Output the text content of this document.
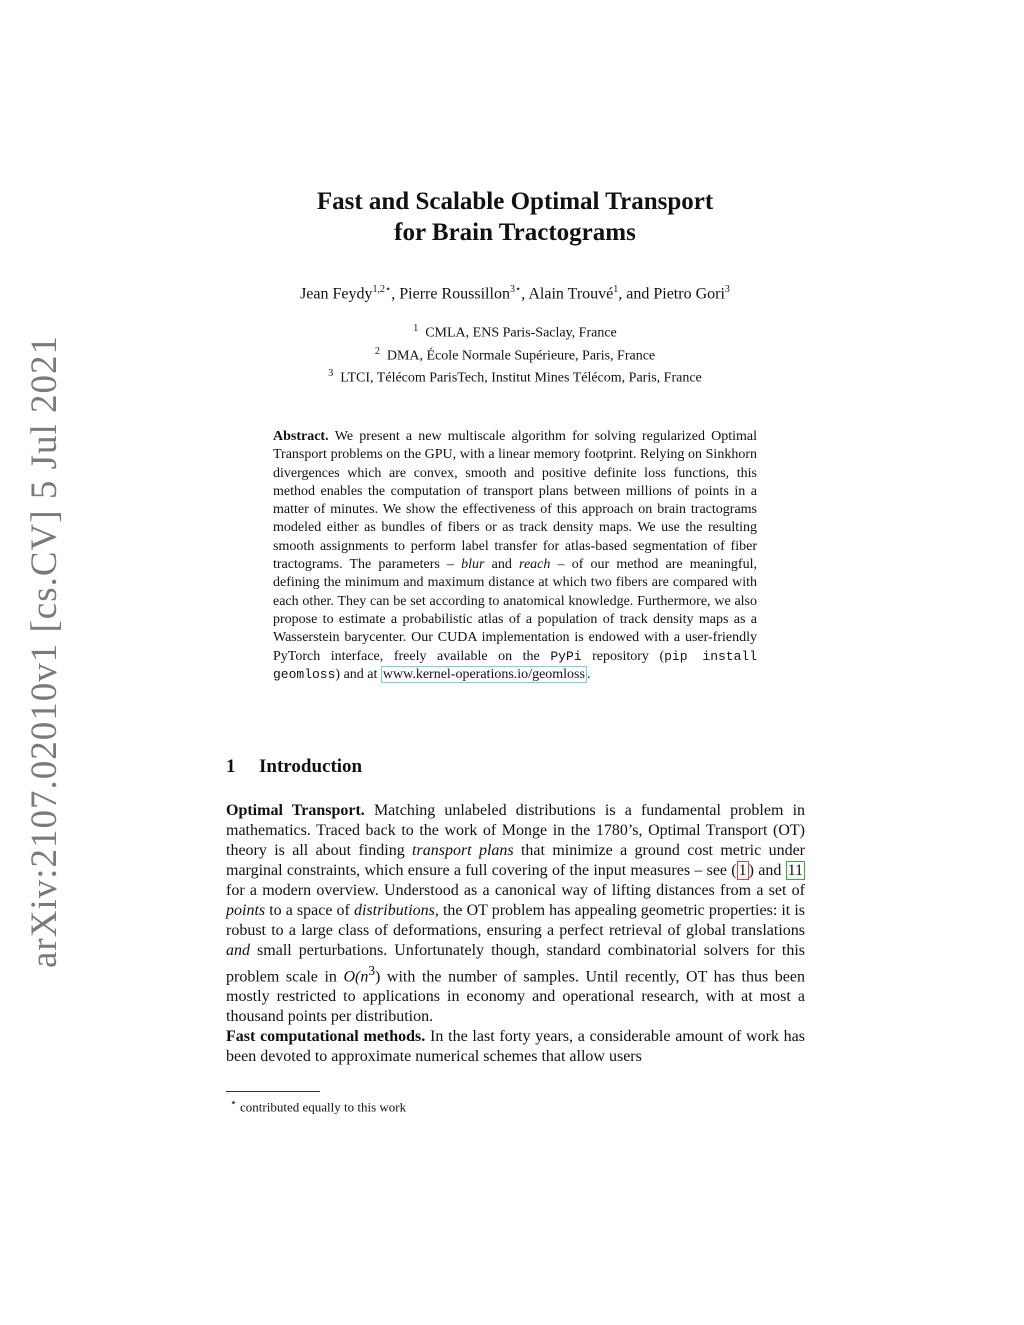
arXiv:2107.02010v1 [cs.CV] 5 Jul 2021
Fast and Scalable Optimal Transport
for Brain Tractograms
Jean Feydy$^{1,2⋆}$, Pierre Roussillon$^{3⋆}$, Alain Trouvé$^1$, and Pietro Gori$^3$
$^1$ CMLA, ENS Paris-Saclay, France
$^2$ DMA, École Normale Supérieure, Paris, France
$^3$ LTCI, Télécom ParisTech, Institut Mines Télécom, Paris, France
Abstract. We present a new multiscale algorithm for solving regularized Optimal Transport problems on the GPU, with a linear memory footprint. Relying on Sinkhorn divergences which are convex, smooth and positive definite loss functions, this method enables the computation of transport plans between millions of points in a matter of minutes. We show the effectiveness of this approach on brain tractograms modeled either as bundles of fibers or as track density maps. We use the resulting smooth assignments to perform label transfer for atlas-based segmentation of fiber tractograms. The parameters – blur and reach – of our method are meaningful, defining the minimum and maximum distance at which two fibers are compared with each other. They can be set according to anatomical knowledge. Furthermore, we also propose to estimate a probabilistic atlas of a population of track density maps as a Wasserstein barycenter. Our CUDA implementation is endowed with a user-friendly PyTorch interface, freely available on the PyPi repository (pip install geomloss) and at www.kernel-operations.io/geomloss .
1 Introduction

Optimal Transport. Matching unlabeled distributions is a fundamental problem in mathematics. Traced back to the work of Monge in the 1780’s, Optimal Transport (OT) theory is all about finding transport plans that minimize a ground cost metric under marginal constraints, which ensure a full covering of the input measures – see ( 1 ) and 11 for a modern overview. Understood as a canonical way of lifting distances from a set of points to a space of distributions, the OT problem has appealing geometric properties: it is robust to a large class of deformations, ensuring a perfect retrieval of global translations and small perturbations. Unfortunately though, standard combinatorial solvers for this problem scale in $O(n^3)$ with the number of samples. Until recently, OT has thus been mostly restricted to applications in economy and operational research, with at most a thousand points per distribution.

Fast computational methods. In the last forty years, a considerable amount of work has been devoted to approximate numerical schemes that allow users

⋆ contributed equally to this work
